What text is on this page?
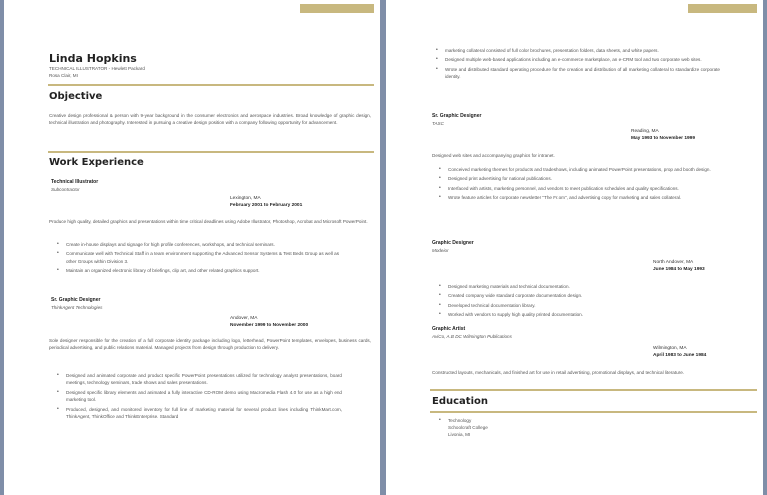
Linda Hopkins
TECHNICAL ILLUSTRATOR - Hewlett Packard
Rosa Clair, MI
Objective
Creative design professional & person with 9-year background in the consumer electronics and aerospace industries. Broad knowledge of graphic design, technical illustration and photography. Interested in pursuing a creative design position with a company following opportunity for advancement.
Work Experience
Technical Illustrator
Subcontractor
Lexington, MA
February 2001 to February 2001
Produce high quality, detailed graphics and presentations within time critical deadlines using Adobe Illustrator, Photoshop, Acrobat and Microsoft PowerPoint.
• Create in-house displays and signage for high profile conferences, workshops, and technical seminars.
• Communicate well with Technical Staff in a team environment supporting the Advanced Sensor Systems & Test Beds Group as well as other Groups within Division 3.
• Maintain an organized electronic library of briefings, clip art, and other related graphics support.
Sr. Graphic Designer
ThinkAgent Technologies
Andover, MA
November 1999 to November 2000
Sole designer responsible for the creation of a full corporate identity package including logo, letterhead, PowerPoint templates, envelopes, business cards, periodical advertising, and public relations material. Managed projects from design through production to delivery.
• Designed and animated corporate and product specific PowerPoint presentations utilized for technology analyst presentations, board meetings, technology seminars, trade shows and sales presentations.
• Designed specific library elements and animated a fully interactive CD-ROM demo using Macromedia Flash 4.0 for use as a high end marketing tool.
• Produced, designed, and monitored inventory for full line of marketing material for several product lines including ThinkMart.com, ThinkAgent, ThinkOffice and ThinkEnterprise. Standard
• marketing collateral consisted of full color brochures, presentation folders, data sheets, and white papers.
• Designed multiple web-based applications including an e-commerce marketplace, an e-CRM tool and two corporate web sites.
• Wrote and distributed standard operating procedure for the creation and distribution of all marketing collateral to standardize corporate identity.
Sr. Graphic Designer
TASC
Reading, MA
May 1993 to November 1999
Designed web sites and accompanying graphics for intranet.
• Conceived marketing themes for products and tradeshows, including animated PowerPoint presentations, prop and booth design.
• Designed print advertising for national publications.
• Interfaced with artists, marketing personnel, and vendors to meet publication schedules and quality specifications.
• Wrote feature articles for corporate newsletter "The Fr.om", and advertising copy for marketing and sales collateral.
Graphic Designer
Modeior
North Andover, MA
June 1984 to May 1993
• Designed marketing materials and technical documentation.
• Created company wide standard corporate documentation design.
• Developed technical documentation library.
• Worked with vendors to supply high quality printed documentation.
Graphic Artist
AviCo, A.B DC Wilmington Publications
Wilmington, MA
April 1983 to June 1984
Constructed layouts, mechanicals, and finished art for use in retail advertising, promotional displays, and technical literature.
Education
• Technology
Schoolcraft College
Livonia, MI
